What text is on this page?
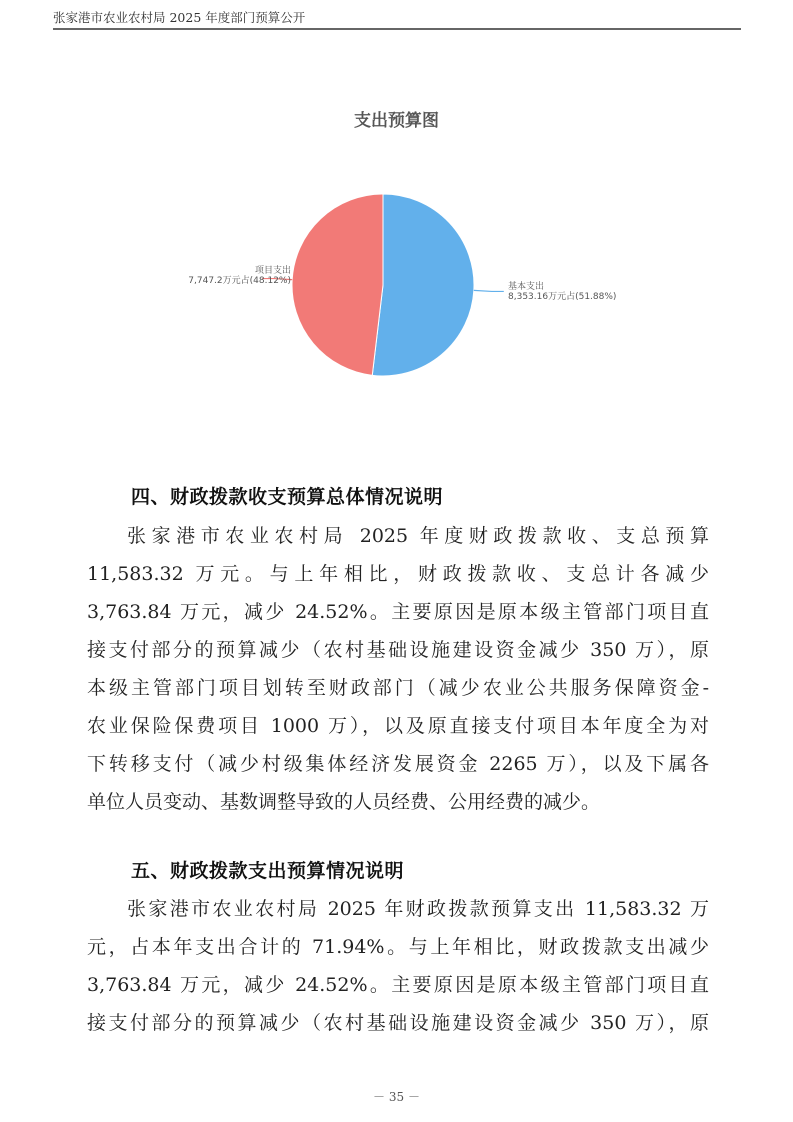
张家港市农业农村局 2025 年度部门预算公开
支出预算图
项目支出
7,747.2万元占(48.12%)
基本支出
8,353.16万元占(51.88%)
四、财政拨款收支预算总体情况说明
张家港市农业农村局 2025 年度财政拨款收、支总预算
11,583.32 万元。与上年相比，财政拨款收、支总计各减少
3,763.84 万元，减少 24.52%。主要原因是原本级主管部门项目直
接支付部分的预算减少（农村基础设施建设资金减少 350 万），原
本级主管部门项目划转至财政部门（减少农业公共服务保障资金-
农业保险保费项目 1000 万），以及原直接支付项目本年度全为对
下转移支付（减少村级集体经济发展资金 2265 万），以及下属各
单位人员变动、基数调整导致的人员经费、公用经费的减少。
五、财政拨款支出预算情况说明
张家港市农业农村局 2025 年财政拨款预算支出 11,583.32 万
元，占本年支出合计的 71.94%。与上年相比，财政拨款支出减少
3,763.84 万元，减少 24.52%。主要原因是原本级主管部门项目直
接支付部分的预算减少（农村基础设施建设资金减少 350 万），原
－ 35 －
